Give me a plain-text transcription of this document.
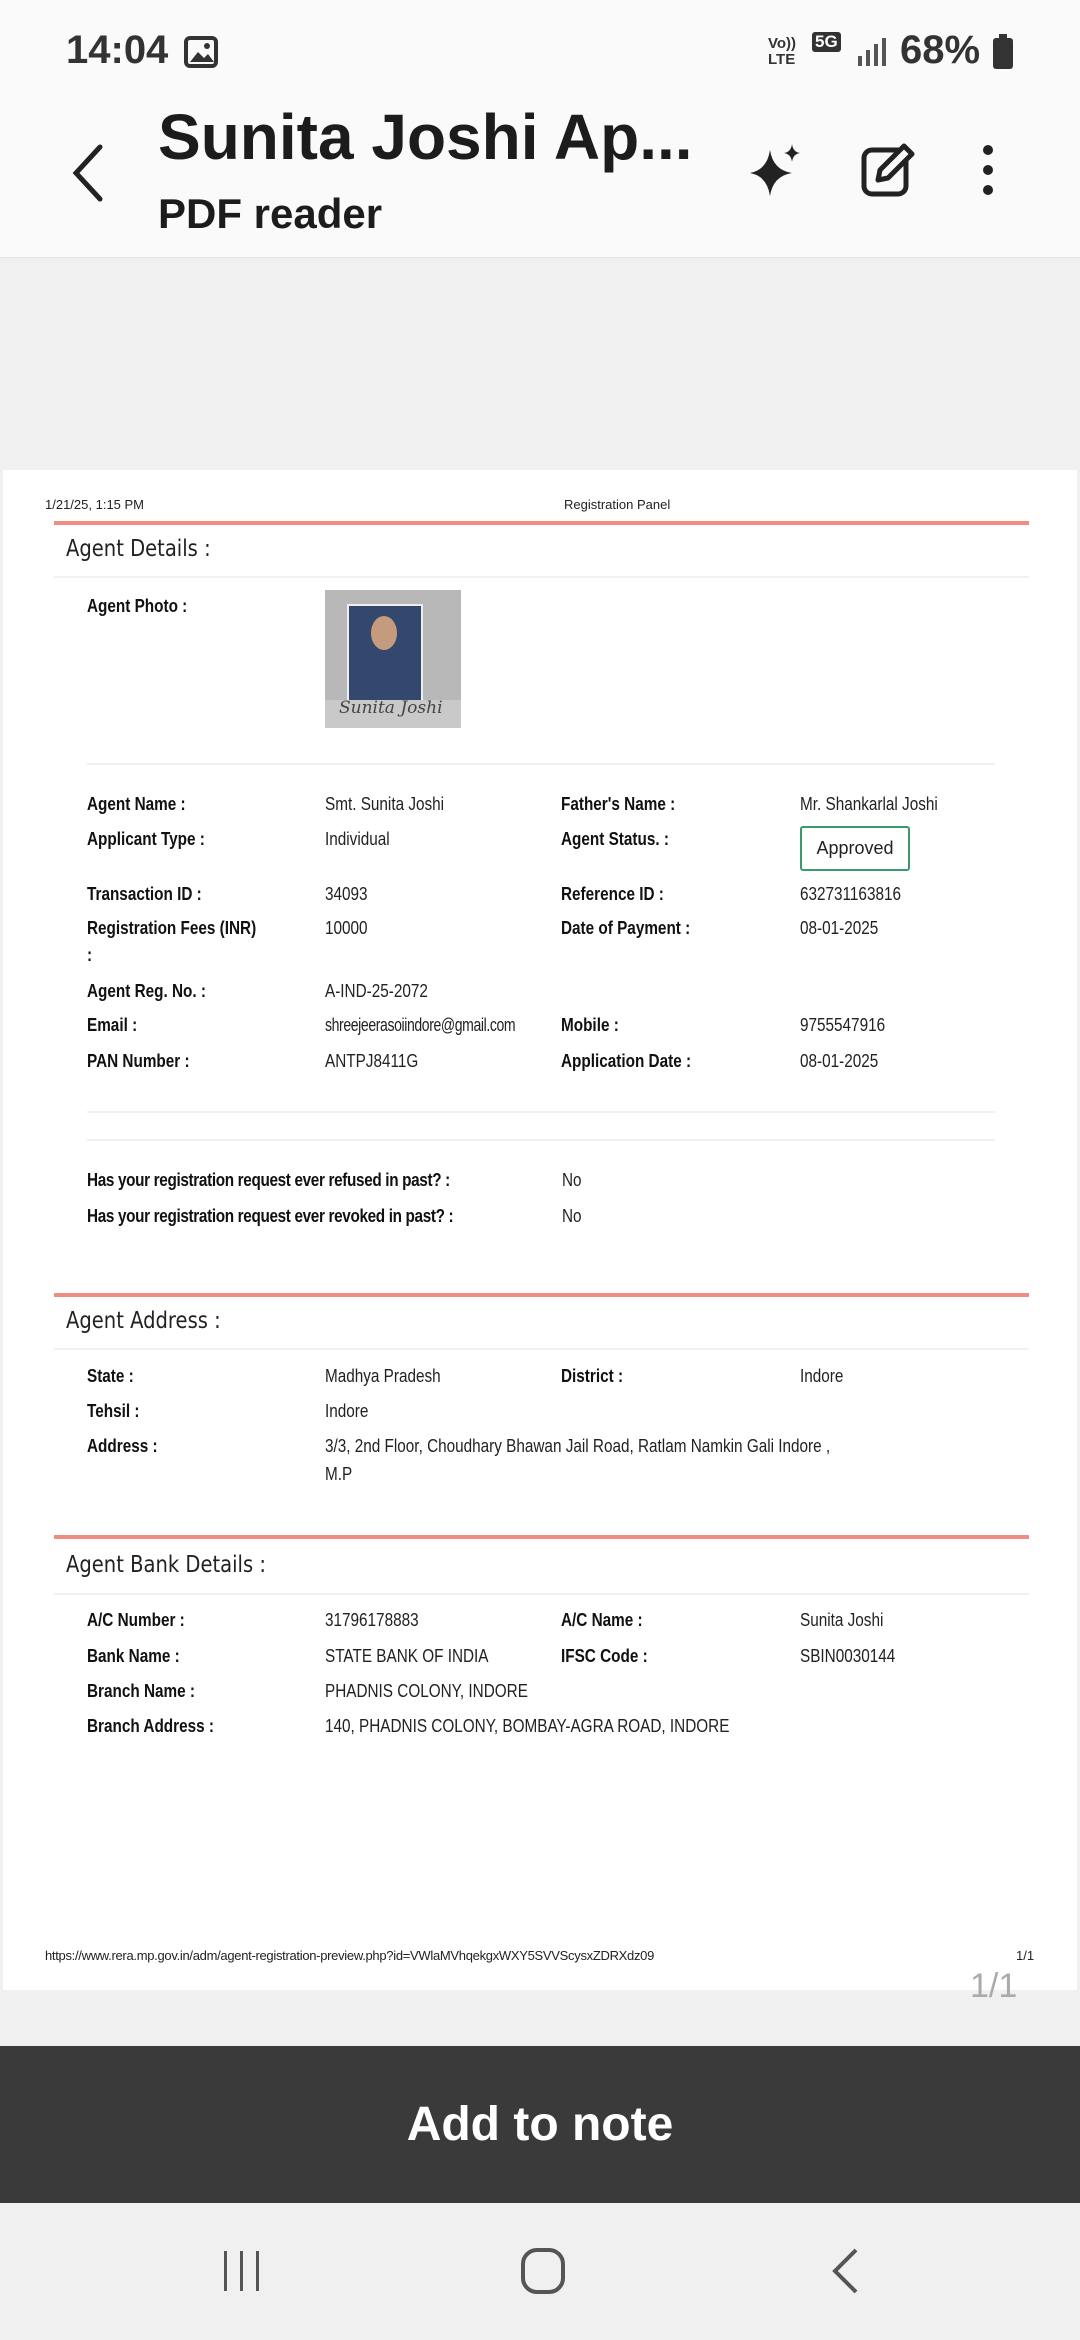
14:04	Vo)) LTE
5G 68%
Sunita Joshi Ap...
PDF reader
1/21/25, 1:15 PM	Registration Panel
Agent Details :
Agent Photo :
Sunita Joshi
Agent Name :	Smt. Sunita Joshi	Father's Name :	Mr. Shankarlal Joshi
Applicant Type :	Individual	Agent Status. :	Approved
Transaction ID :	34093	Reference ID :	632731163816
Registration Fees (INR)
:
10000	Date of Payment :	08-01-2025
Agent Reg. No. :	A-IND-25-2072
Email :	shreejeerasoiindore@gmail.com	Mobile :	9755547916
PAN Number :	ANTPJ8411G	Application Date :	08-01-2025
Has your registration request ever refused in past? :	No
Has your registration request ever revoked in past? :	No
Agent Address :
State :	Madhya Pradesh	District :	Indore
Tehsil :	Indore
Address :	3/3, 2nd Floor, Choudhary Bhawan Jail Road, Ratlam Namkin Gali Indore ,
M.P
Agent Bank Details :
A/C Number :	31796178883	A/C Name :	Sunita Joshi
Bank Name :	STATE BANK OF INDIA	IFSC Code :	SBIN0030144
Branch Name :	PHADNIS COLONY, INDORE
Branch Address :	140, PHADNIS COLONY, BOMBAY-AGRA ROAD, INDORE
https://www.rera.mp.gov.in/adm/agent-registration-preview.php?id=VWlaMVhqekgxWXY5SVVScysxZDRXdz09	1/1
1/1
Add to note
